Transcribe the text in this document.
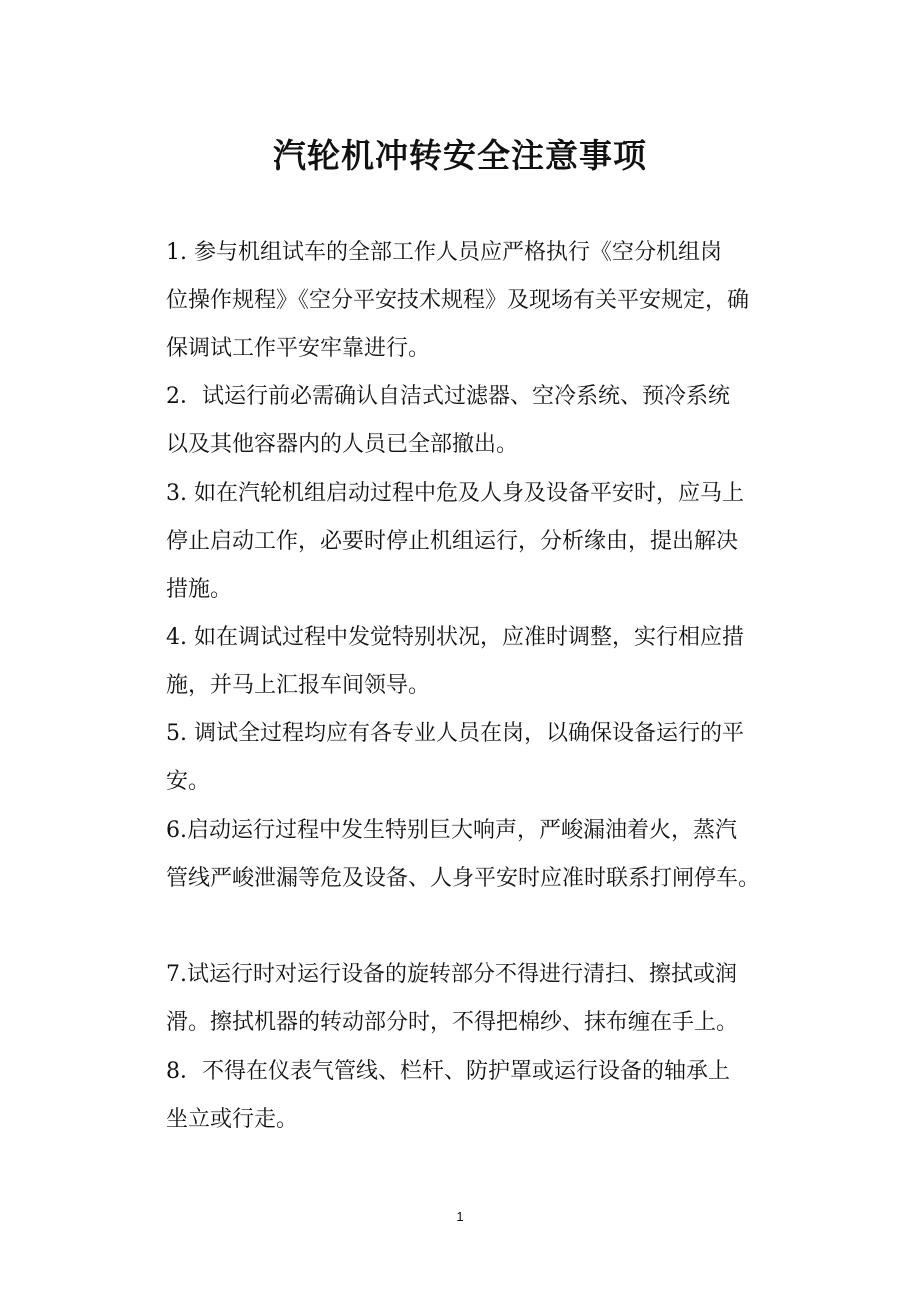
汽轮机冲转安全注意事项
1. 参与机组试车的全部工作人员应严格执行《空分机组岗
位操作规程》《空分平安技术规程》及现场有关平安规定，确
保调试工作平安牢靠进行。
2．试运行前必需确认自洁式过滤器、空冷系统、预冷系统
以及其他容器内的人员已全部撤出。
3. 如在汽轮机组启动过程中危及人身及设备平安时，应马上
停止启动工作，必要时停止机组运行，分析缘由，提出解决
措施。
4. 如在调试过程中发觉特别状况，应准时调整，实行相应措
施，并马上汇报车间领导。
5. 调试全过程均应有各专业人员在岗，以确保设备运行的平
安。
6.启动运行过程中发生特别巨大响声，严峻漏油着火，蒸汽
管线严峻泄漏等危及设备、人身平安时应准时联系打闸停车。
7.试运行时对运行设备的旋转部分不得进行清扫、擦拭或润
滑。擦拭机器的转动部分时，不得把棉纱、抹布缠在手上。
8．不得在仪表气管线、栏杆、防护罩或运行设备的轴承上
坐立或行走。
1
